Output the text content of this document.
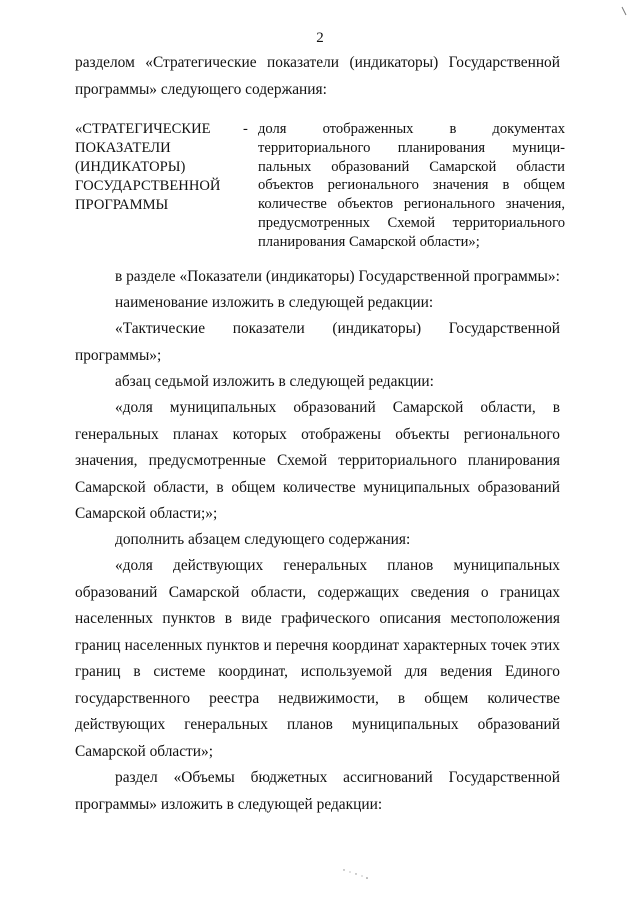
2
разделом «Стратегические показатели (индикаторы) Государственной программы» следующего содержания:
«СТРАТЕГИЧЕСКИЕ
ПОКАЗАТЕЛИ
(ИНДИКАТОРЫ)
ГОСУДАРСТВЕННОЙ
ПРОГРАММЫ
- доля отображенных в документах территориального планирования муници-пальных образований Самарской области объектов регионального значения в общем количестве объектов регионального значения, предусмотренных Схемой территориального планирования Самарской области»;
в разделе «Показатели (индикаторы) Государственной программы»:
наименование изложить в следующей редакции:
«Тактические показатели (индикаторы) Государственной программы»;
абзац седьмой изложить в следующей редакции:
«доля муниципальных образований Самарской области, в генеральных планах которых отображены объекты регионального значения, предусмотренные Схемой территориального планирования Самарской области, в общем количестве муниципальных образований Самарской области;»;
дополнить абзацем следующего содержания:
«доля действующих генеральных планов муниципальных образований Самарской области, содержащих сведения о границах населенных пунктов в виде графического описания местоположения границ населенных пунктов и перечня координат характерных точек этих границ в системе координат, используемой для ведения Единого государственного реестра недвижимости, в общем количестве действующих генеральных планов муниципальных образований Самарской области»;
раздел «Объемы бюджетных ассигнований Государственной программы» изложить в следующей редакции:
